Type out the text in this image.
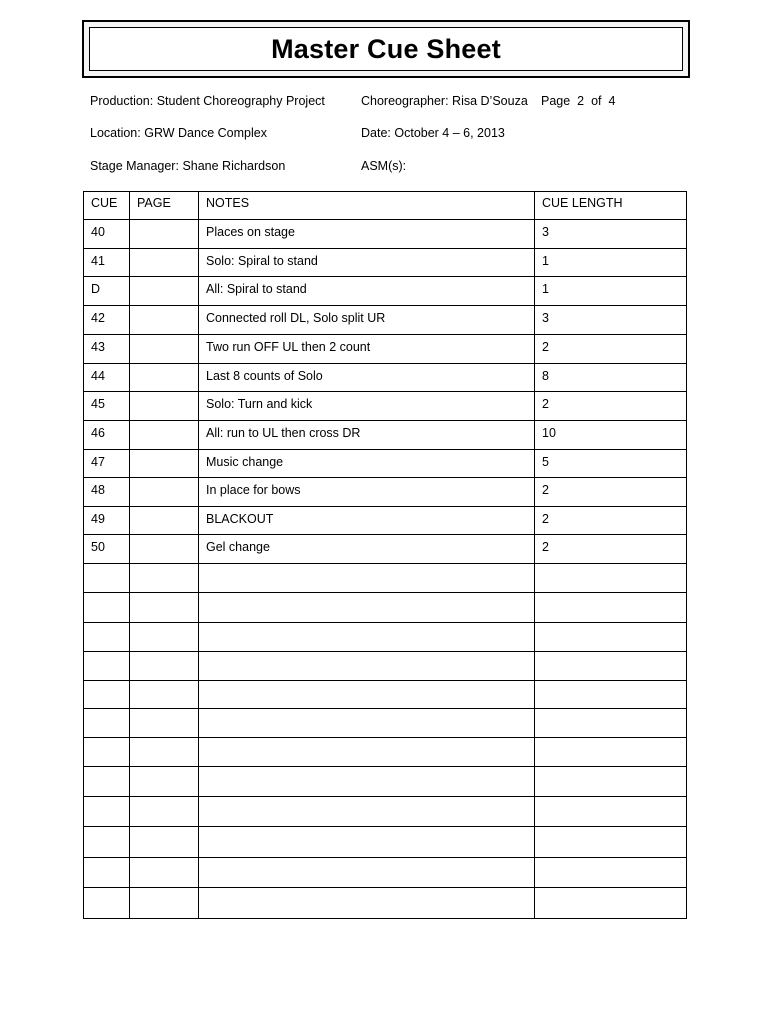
Master Cue Sheet
Production: Student Choreography Project	Choreographer: Risa D’Souza Page 2 of 4
Location: GRW Dance Complex	Date: October 4 – 6, 2013
Stage Manager: Shane Richardson	ASM(s):
CUE	PAGE	NOTES	CUE LENGTH
40		Places on stage	3
41		Solo: Spiral to stand	1
D		All: Spiral to stand	1
42		Connected roll DL, Solo split UR	3
43		Two run OFF UL then 2 count	2
44		Last 8 counts of Solo	8
45		Solo: Turn and kick	2
46		All: run to UL then cross DR	10
47		Music change	5
48		In place for bows	2
49		BLACKOUT	2
50		Gel change	2
